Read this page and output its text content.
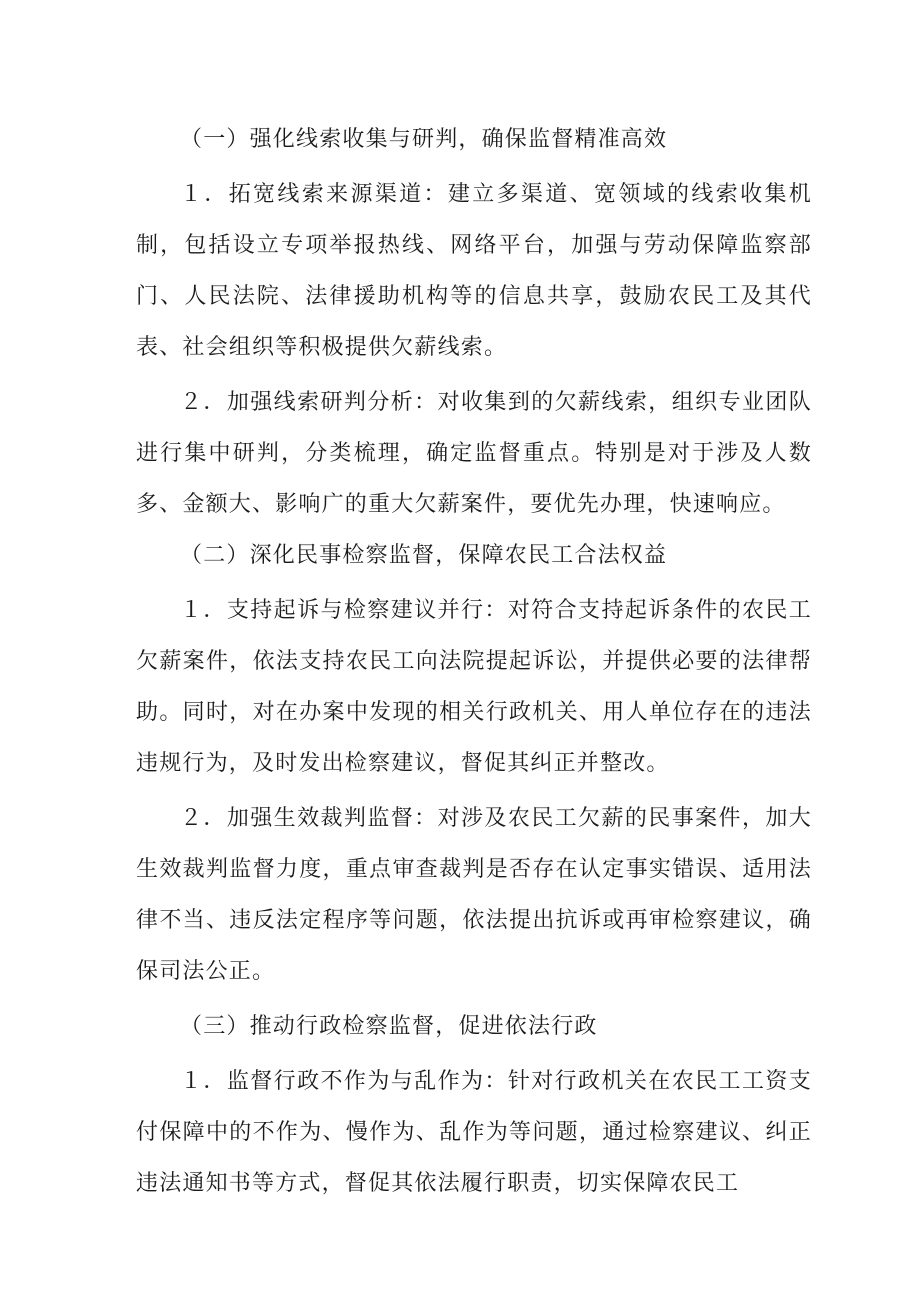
（一）强化线索收集与研判，确保监督精准高效

１．拓宽线索来源渠道：建立多渠道、宽领域的线索收集机制，包括设立专项举报热线、网络平台，加强与劳动保障监察部门、人民法院、法律援助机构等的信息共享，鼓励农民工及其代表、社会组织等积极提供欠薪线索。

２．加强线索研判分析：对收集到的欠薪线索，组织专业团队进行集中研判，分类梳理，确定监督重点。特别是对于涉及人数多、金额大、影响广的重大欠薪案件，要优先办理，快速响应。

（二）深化民事检察监督，保障农民工合法权益

１．支持起诉与检察建议并行：对符合支持起诉条件的农民工欠薪案件，依法支持农民工向法院提起诉讼，并提供必要的法律帮助。同时，对在办案中发现的相关行政机关、用人单位存在的违法违规行为，及时发出检察建议，督促其纠正并整改。

２．加强生效裁判监督：对涉及农民工欠薪的民事案件，加大生效裁判监督力度，重点审查裁判是否存在认定事实错误、适用法律不当、违反法定程序等问题，依法提出抗诉或再审检察建议，确保司法公正。

（三）推动行政检察监督，促进依法行政

１．监督行政不作为与乱作为：针对行政机关在农民工工资支付保障中的不作为、慢作为、乱作为等问题，通过检察建议、纠正违法通知书等方式，督促其依法履行职责，切实保障农民工
